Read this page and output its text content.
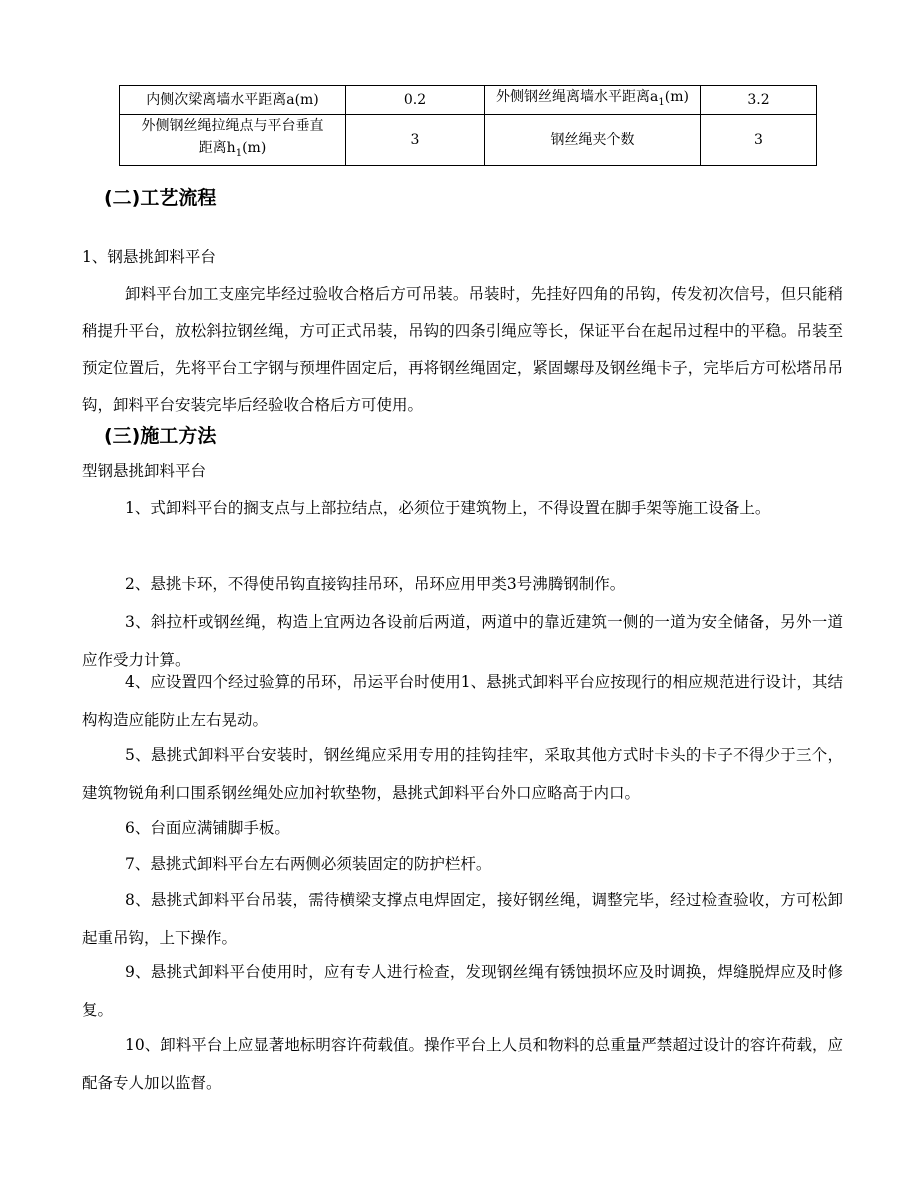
内侧次梁离墙水平距离a(m)	0.2	外侧钢丝绳离墙水平距离$a_1(m)$	3.2
外侧钢丝绳拉绳点与平台垂直
距离$h_1(m)$	3	钢丝绳夹个数	3
(二)工艺流程
1、钢悬挑卸料平台

卸料平台加工支座完毕经过验收合格后方可吊装。吊装时，先挂好四角的吊钩，传发初次信号，但只能稍稍提升平台，放松斜拉钢丝绳，方可正式吊装，吊钩的四条引绳应等长，保证平台在起吊过程中的平稳。吊装至预定位置后，先将平台工字钢与预埋件固定后，再将钢丝绳固定，紧固螺母及钢丝绳卡子，完毕后方可松塔吊吊钩，卸料平台安装完毕后经验收合格后方可使用。

(三)施工方法
型钢悬挑卸料平台

1、式卸料平台的搁支点与上部拉结点，必须位于建筑物上，不得设置在脚手架等施工设备上。

2、悬挑卡环，不得使吊钩直接钩挂吊环，吊环应用甲类3号沸腾钢制作。

3、斜拉杆或钢丝绳，构造上宜两边各设前后两道，两道中的靠近建筑一侧的一道为安全储备，另外一道应作受力计算。

4、应设置四个经过验算的吊环，吊运平台时使用1、悬挑式卸料平台应按现行的相应规范进行设计，其结构构造应能防止左右晃动。

5、悬挑式卸料平台安装时，钢丝绳应采用专用的挂钩挂牢，采取其他方式时卡头的卡子不得少于三个，建筑物锐角利口围系钢丝绳处应加衬软垫物，悬挑式卸料平台外口应略高于内口。

6、台面应满铺脚手板。

7、悬挑式卸料平台左右两侧必须装固定的防护栏杆。

8、悬挑式卸料平台吊装，需待横梁支撑点电焊固定，接好钢丝绳，调整完毕，经过检查验收，方可松卸起重吊钩，上下操作。

9、悬挑式卸料平台使用时，应有专人进行检查，发现钢丝绳有锈蚀损坏应及时调换，焊缝脱焊应及时修复。

10、卸料平台上应显著地标明容许荷载值。操作平台上人员和物料的总重量严禁超过设计的容许荷载，应配备专人加以监督。
